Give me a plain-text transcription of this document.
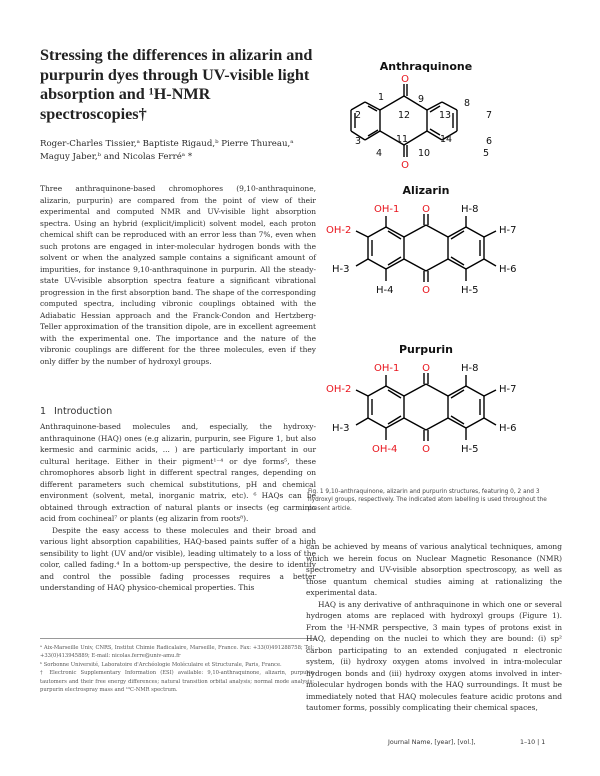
Stressing the differences in alizarin and purpurin dyes through UV-visible light absorption and ¹H-NMR spectroscopies†
Roger-Charles Tissier,ᵃ Baptiste Rigaud,ᵇ Pierre Thureau,ᵃ Maguy Jaber,ᵇ and Nicolas Ferréᵃ *

Three anthraquinone-based chromophores (9,10-anthraquinone, alizarin, purpurin) are compared from the point of view of their experimental and computed NMR and UV-visible light absorption spectra. Using an hybrid (explicit/implicit) solvent model, each proton chemical shift can be reproduced with an error less than 7%, even when such protons are engaged in inter-molecular hydrogen bonds with the solvent or when the analyzed sample contains a significant amount of impurities, for instance 9,10-anthraquinone in purpurin. All the steady-state UV-visible absorption spectra feature a significant vibrational progression in the first absorption band. The shape of the corresponding computed spectra, including vibronic couplings obtained with the Adiabatic Hessian approach and the Franck-Condon and Hertzberg-Teller approximation of the transition dipole, are in excellent agreement with the experimental one. The importance and the nature of the vibronic couplings are different for the three molecules, even if they only differ by the number of hydroxyl groups.

1 Introduction

Anthraquinone-based molecules and, especially, the hydroxy-anthraquinone (HAQ) ones (e.g alizarin, purpurin, see Figure 1, but also kermesic and carminic acids, ... ) are particularly important in our cultural heritage. Either in their pigment¹⁻⁴ or dye forms⁵, these chromophores absorb light in different spectral ranges, depending on different parameters such chemical substitutions, pH and chemical environment (solvent, metal, inorganic matrix, etc). ⁶ HAQs can be obtained through extraction of natural plants or insects (eg carminic acid from cochineal⁷ or plants (eg alizarin from roots⁸).

Despite the easy access to these molecules and their broad and various light absorption capabilities, HAQ-based paints suffer of a high sensibility to light (UV and/or visible), leading ultimately to a loss of the color, called fading.⁴ In a bottom-up perspective, the desire to identify and control the possible fading processes requires a better understanding of HAQ physico-chemical properties. This

ᵃ Aix-Marseille Univ, CNRS, Institut Chimie Radicalaire, Marseille, France. Fax: +33(0)491288758; Tel: +33(0)413945889; E-mail: nicolas.ferre@univ-amu.fr

ᵇ Sorbonne Université, Laboratoire d'Archéologie Moléculaire et Structurale, Paris, France.

† Electronic Supplementary Information (ESI) available: 9,10-anthraquinone, alizarin, purpurin tautomers and their free energy differences; natural transition orbital analysis; normal mode analysis; purpurin electrospray mass and ¹³C-NMR spectrum.

Anthraquinone
O
O
1
2
3
4	5
6
7
8
9
10
11
12	13
14
Alizarin
OH-1 O	H-8
OH-2	H-7
H-3	H-6
H-4	O	H-5
Purpurin
OH-1 O	H-8
OH-2	H-7
H-3	H-6
OH-4 O	H-5
Fig. 1 9,10-anthraquinone, alizarin and purpurin structures, featuring 0, 2 and 3 hydroxyl groups, respectively. The indicated atom labelling is used throughout the present article.

can be achieved by means of various analytical techniques, among which we herein focus on Nuclear Magnetic Resonance (NMR) spectrometry and UV-visible absorption spectroscopy, as well as those quantum chemical studies aiming at rationalizing the experimental data.

HAQ is any derivative of anthraquinone in which one or several hydrogen atoms are replaced with hydroxyl groups (Figure 1). From the ¹H-NMR perspective, 3 main types of protons exist in HAQ, depending on the nuclei to which they are bound: (i) sp² carbon participating to an extended conjugated π electronic system, (ii) hydroxy oxygen atoms involved in intra-molecular hydrogen bonds and (iii) hydroxy oxygen atoms involved in inter-molecular hydrogen bonds with the HAQ surroundings. It must be immediately noted that HAQ molecules feature acidic protons and tautomer forms, possibly complicating their chemical spaces,

Journal Name, [year], [vol.],	1–10 | 1
